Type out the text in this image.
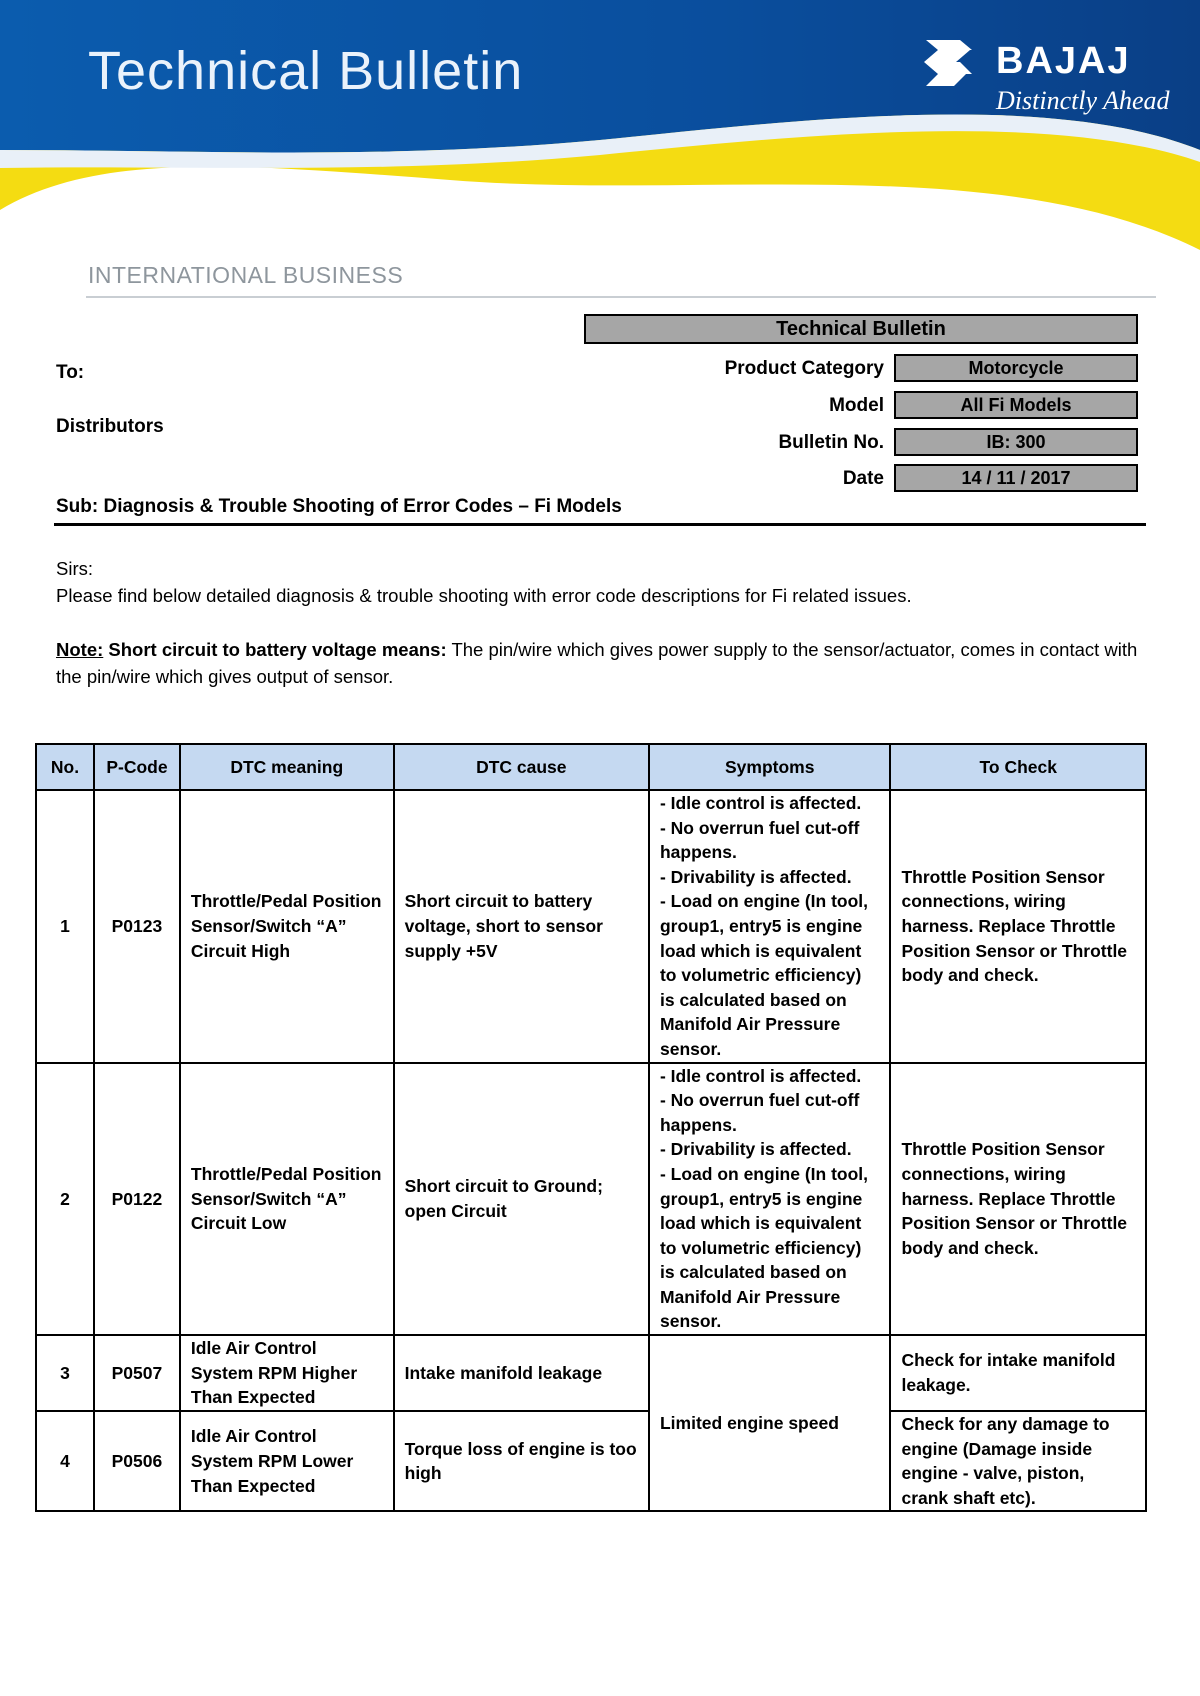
Technical Bulletin	BAJAJ
Distinctly Ahead
INTERNATIONAL BUSINESS
To:
Distributors
Technical Bulletin
Product Category	Motorcycle
Model	All Fi Models
Bulletin No.	IB: 300
Date	14 / 11 / 2017
Sub: Diagnosis & Trouble Shooting of Error Codes – Fi Models
Sirs:
Please find below detailed diagnosis & trouble shooting with error code descriptions for Fi related issues.
Note: Short circuit to battery voltage means: The pin/wire which gives power supply to the sensor/actuator, comes in contact with the pin/wire which gives output of sensor.
No.	P-Code	DTC meaning	DTC cause	Symptoms	To Check
1	P0123	Throttle/Pedal Position Sensor/Switch “A” Circuit High	Short circuit to battery voltage, short to sensor supply +5V	- Idle control is affected.
- No overrun fuel cut-off happens.
- Drivability is affected.
- Load on engine (In tool, group1, entry5 is engine load which is equivalent to volumetric efficiency) is calculated based on Manifold Air Pressure sensor.	Throttle Position Sensor connections, wiring harness. Replace Throttle Position Sensor or Throttle body and check.
2	P0122	Throttle/Pedal Position Sensor/Switch “A” Circuit Low	Short circuit to Ground; open Circuit	- Idle control is affected.
- No overrun fuel cut-off happens.
- Drivability is affected.
- Load on engine (In tool, group1, entry5 is engine load which is equivalent to volumetric efficiency) is calculated based on Manifold Air Pressure sensor.	Throttle Position Sensor connections, wiring harness. Replace Throttle Position Sensor or Throttle body and check.
3	P0507	Idle Air Control System RPM Higher Than Expected	Intake manifold leakage	Limited engine speed	Check for intake manifold leakage.
4	P0506	Idle Air Control System RPM Lower Than Expected	Torque loss of engine is too high		Check for any damage to engine (Damage inside engine - valve, piston, crank shaft etc).
